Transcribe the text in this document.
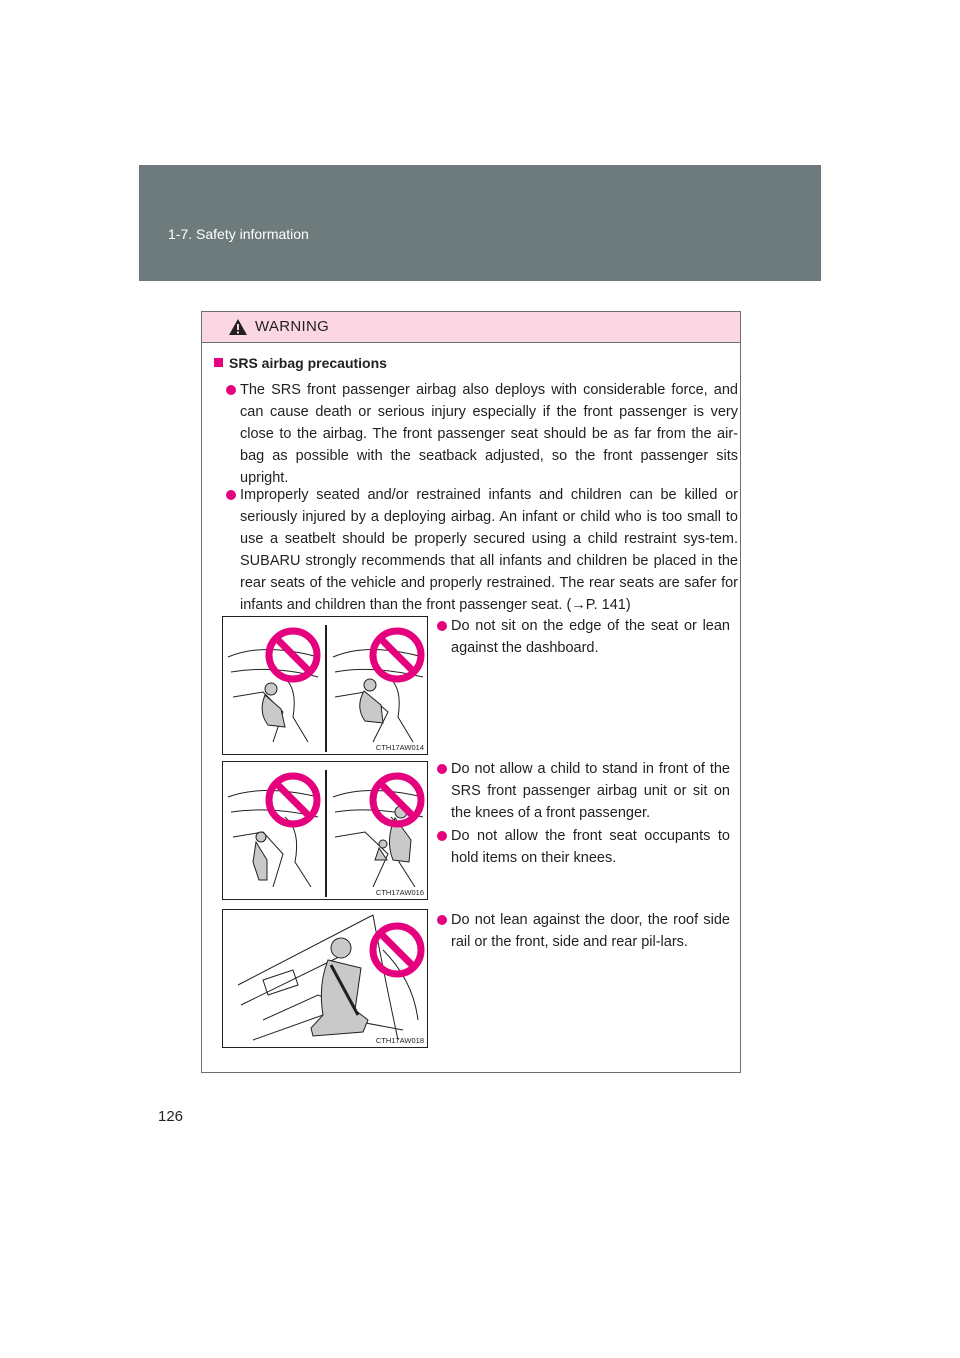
1-7. Safety information
WARNING
SRS airbag precautions
The SRS front passenger airbag also deploys with considerable force, and can cause death or serious injury especially if the front passenger is very close to the airbag. The front passenger seat should be as far from the air-bag as possible with the seatback adjusted, so the front passenger sits upright.
Improperly seated and/or restrained infants and children can be killed or seriously injured by a deploying airbag. An infant or child who is too small to use a seatbelt should be properly secured using a child restraint sys-tem. SUBARU strongly recommends that all infants and children be placed in the rear seats of the vehicle and properly restrained. The rear seats are safer for infants and children than the front passenger seat. (→P. 141)
CTH17AW014
Do not sit on the edge of the seat or lean against the dashboard.
CTH17AW016
Do not allow a child to stand in front of the SRS front passenger airbag unit or sit on the knees of a front passenger.
Do not allow the front seat occupants to hold items on their knees.
CTH17AW018
Do not lean against the door, the roof side rail or the front, side and rear pil-lars.
126
